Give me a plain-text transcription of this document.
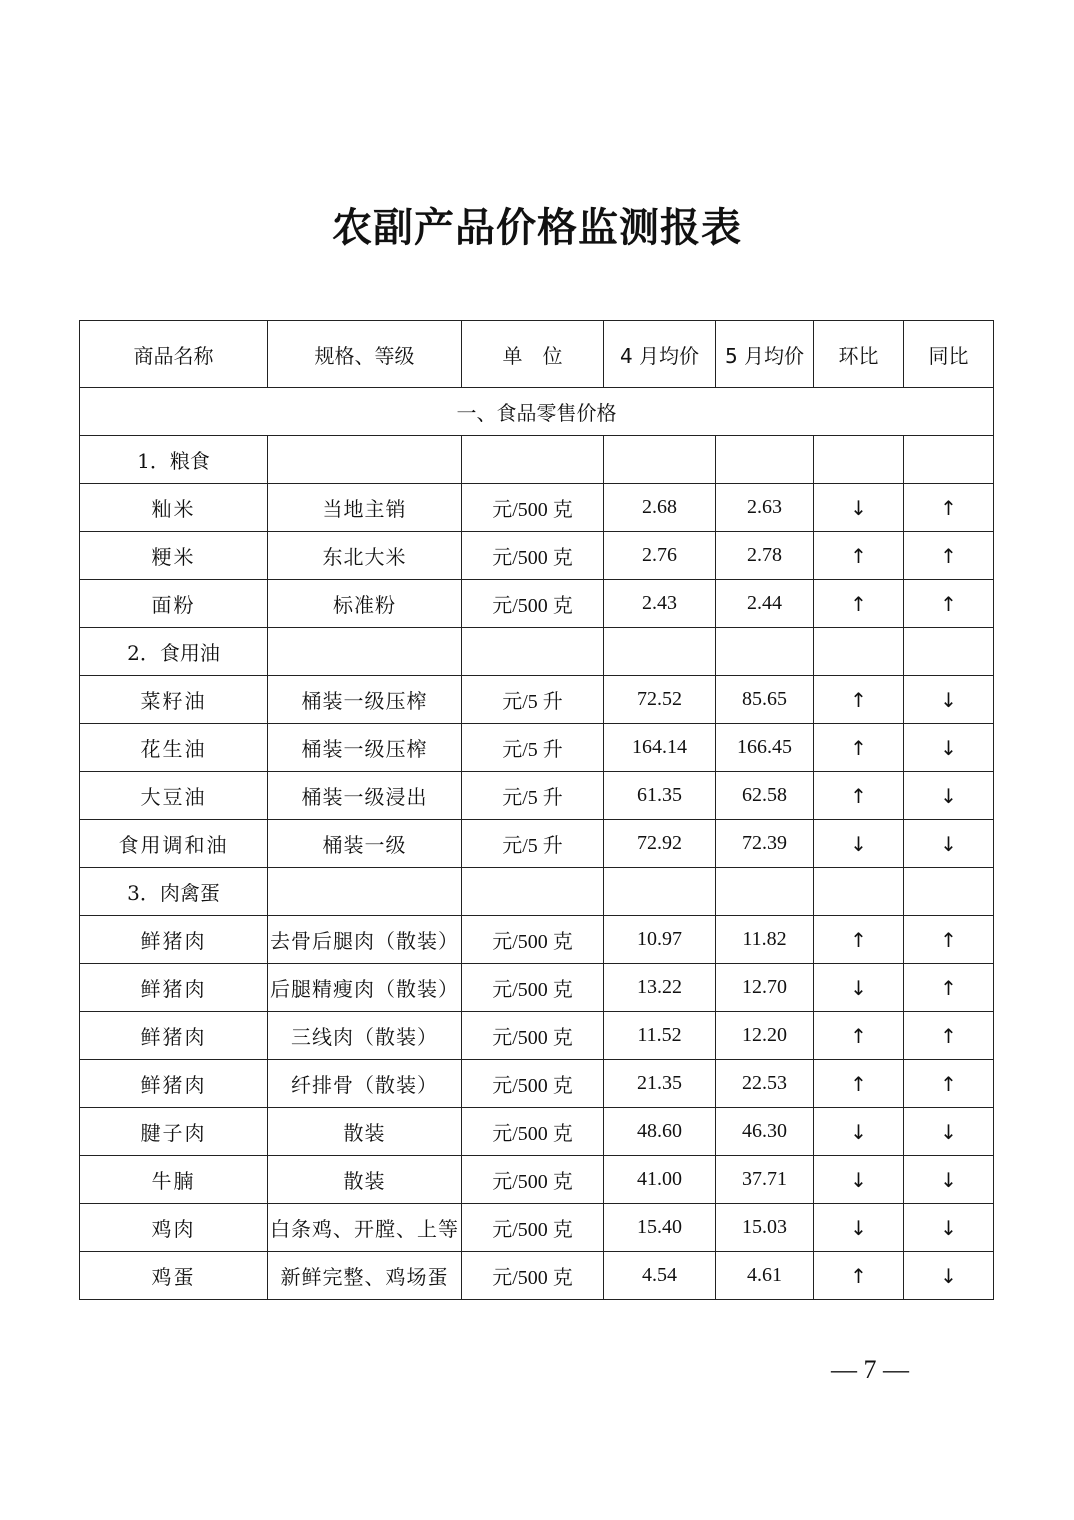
农副产品价格监测报表
商品名称	规格、等级	单　位	4 月均价	5 月均价	环比	同比
一、食品零售价格						
1．粮食						
籼米	当地主销	元/500 克	2.68	2.63	↓	↑
粳米	东北大米	元/500 克	2.76	2.78	↑	↑
面粉	标准粉	元/500 克	2.43	2.44	↑	↑
2．食用油						
菜籽油	桶装一级压榨	元/5 升	72.52	85.65	↑	↓
花生油	桶装一级压榨	元/5 升	164.14	166.45	↑	↓
大豆油	桶装一级浸出	元/5 升	61.35	62.58	↑	↓
食用调和油	桶装一级	元/5 升	72.92	72.39	↓	↓
3．肉禽蛋						
鲜猪肉	去骨后腿肉（散装）	元/500 克	10.97	11.82	↑	↑
鲜猪肉	后腿精瘦肉（散装）	元/500 克	13.22	12.70	↓	↑
鲜猪肉	三线肉（散装）	元/500 克	11.52	12.20	↑	↑
鲜猪肉	纤排骨（散装）	元/500 克	21.35	22.53	↑	↑
腱子肉	散装	元/500 克	48.60	46.30	↓	↓
牛腩	散装	元/500 克	41.00	37.71	↓	↓
鸡肉	白条鸡、开膛、上等	元/500 克	15.40	15.03	↓	↓
鸡蛋	新鲜完整、鸡场蛋	元/500 克	4.54	4.61	↑	↓
— 7 —
